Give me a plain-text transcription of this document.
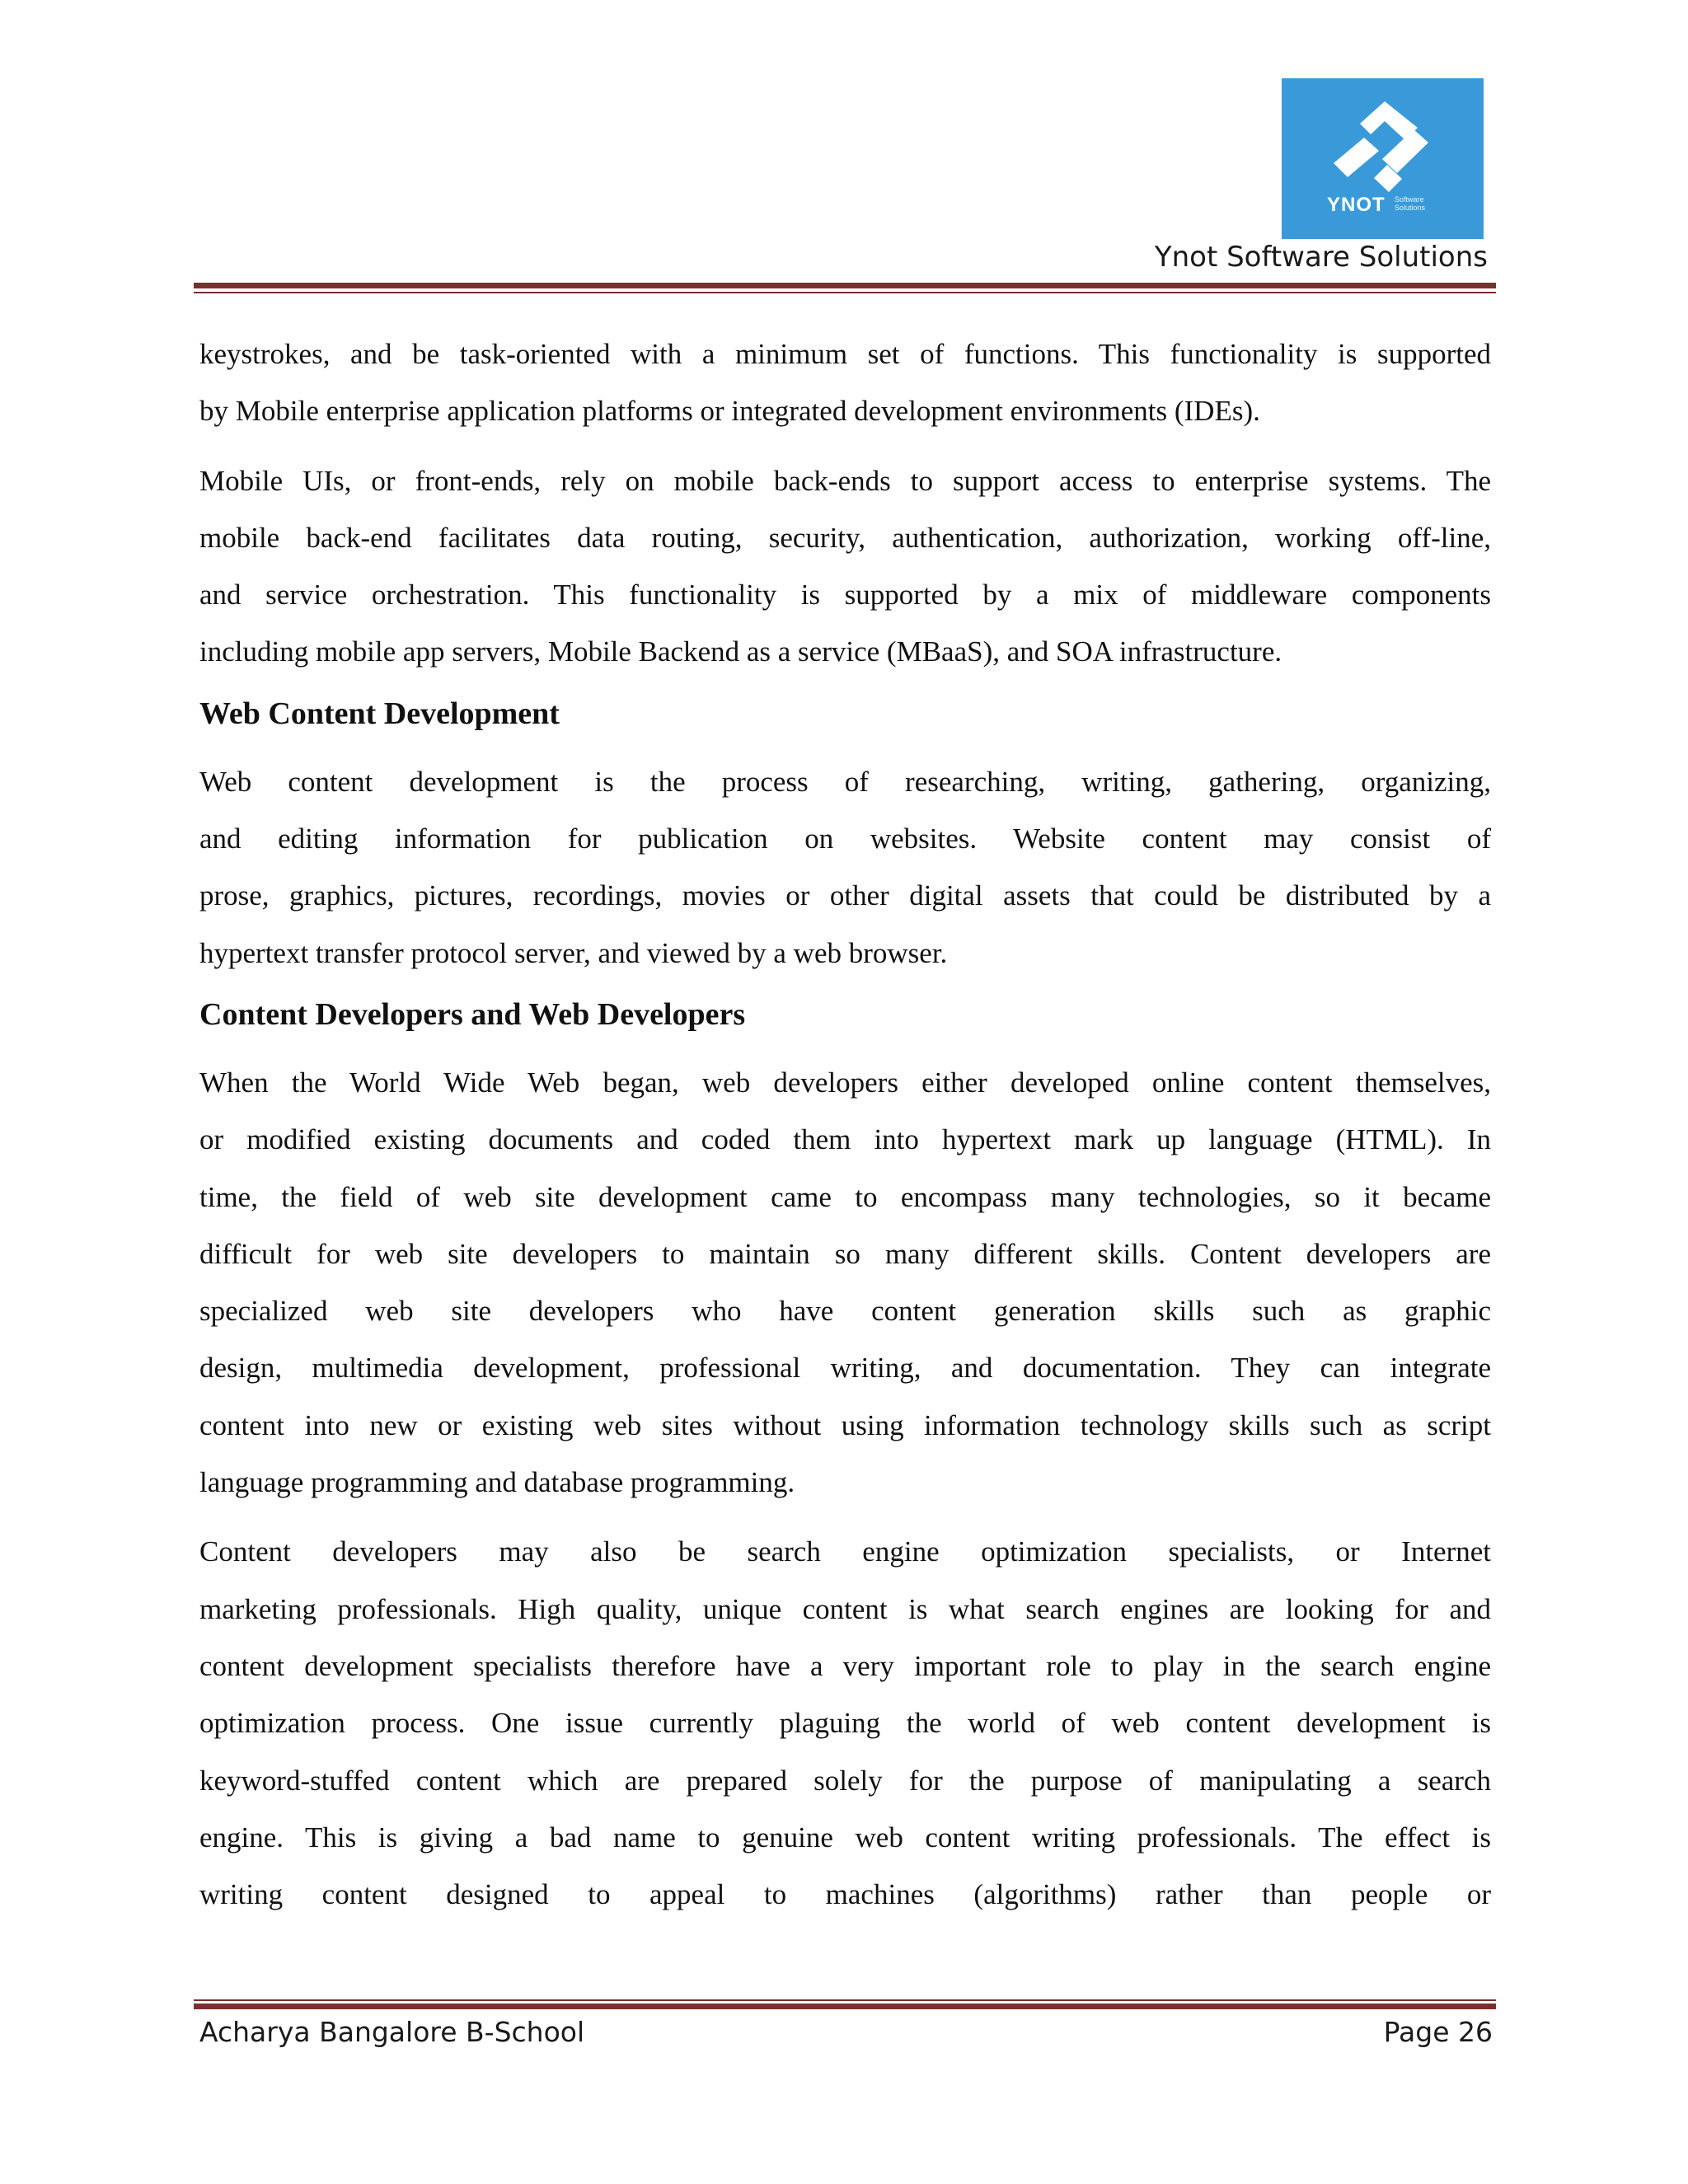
YNOT Software Solutions
Ynot Software Solutions

keystrokes, and be task-oriented with a minimum set of functions. This functionality is supported
by Mobile enterprise application platforms or integrated development environments (IDEs).

Mobile UIs, or front-ends, rely on mobile back-ends to support access to enterprise systems. The
mobile back-end facilitates data routing, security, authentication, authorization, working off-line,
and service orchestration. This functionality is supported by a mix of middleware components
including mobile app servers, Mobile Backend as a service (MBaaS), and SOA infrastructure.

Web Content Development

Web content development is the process of researching, writing, gathering, organizing,
and editing information for publication on websites. Website content may consist of
prose, graphics, pictures, recordings, movies or other digital assets that could be distributed by a
hypertext transfer protocol server, and viewed by a web browser.

Content Developers and Web Developers

When the World Wide Web began, web developers either developed online content themselves,
or modified existing documents and coded them into hypertext mark up language (HTML). In
time, the field of web site development came to encompass many technologies, so it became
difficult for web site developers to maintain so many different skills. Content developers are
specialized web site developers who have content generation skills such as graphic
design, multimedia development, professional writing, and documentation. They can integrate
content into new or existing web sites without using information technology skills such as script
language programming and database programming.

Content developers may also be search engine optimization specialists, or Internet
marketing professionals. High quality, unique content is what search engines are looking for and
content development specialists therefore have a very important role to play in the search engine
optimization process. One issue currently plaguing the world of web content development is
keyword-stuffed content which are prepared solely for the purpose of manipulating a search
engine. This is giving a bad name to genuine web content writing professionals. The effect is
writing content designed to appeal to machines (algorithms) rather than people or

Acharya Bangalore B-School	Page 26
